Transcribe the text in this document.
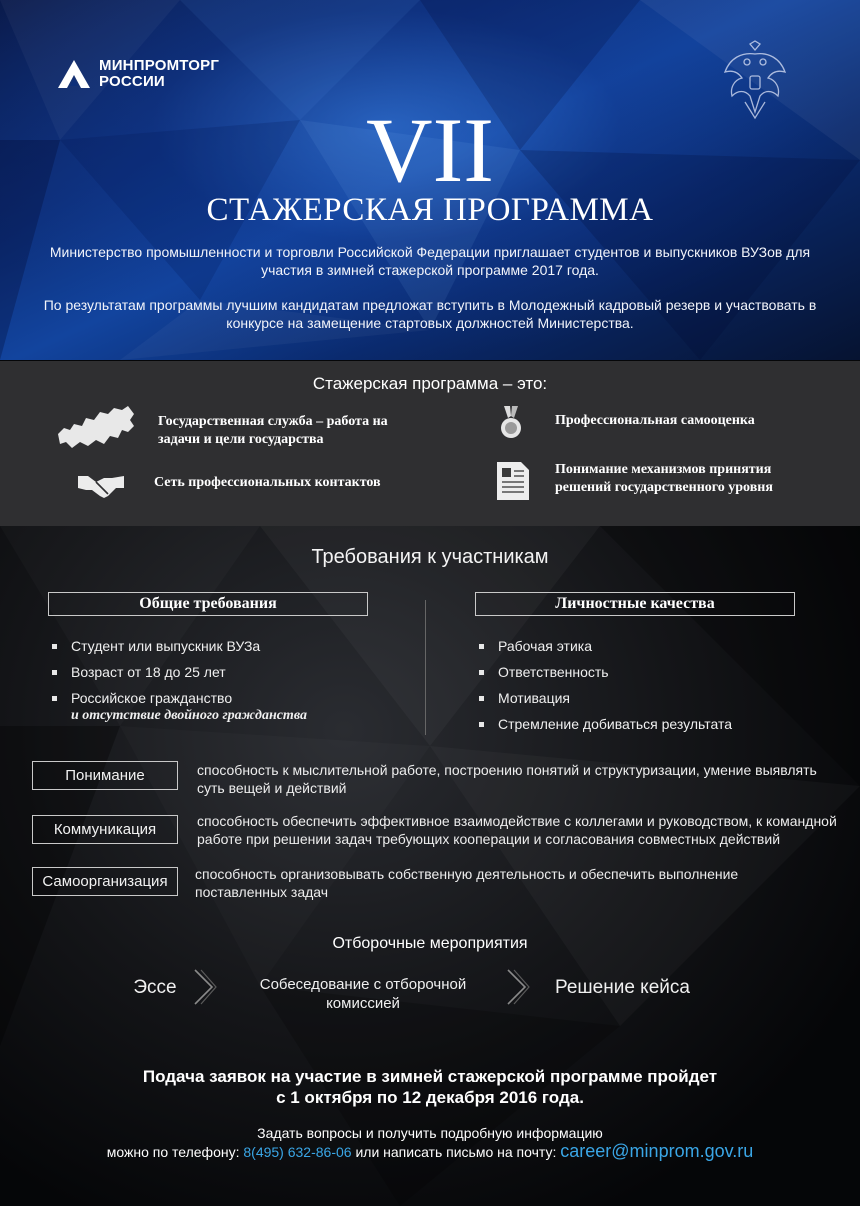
МИНПРОМТОРГ
РОССИИ
VII
СТАЖЕРСКАЯ ПРОГРАММА
Министерство промышленности и торговли Российской Федерации приглашает студентов и выпускников ВУЗов для
участия в зимней стажерской программе 2017 года.
По результатам программы лучшим кандидатам предложат вступить в Молодежный кадровый резерв и участвовать в
конкурсе на замещение стартовых должностей Министерства.
Стажерская программа – это:
Государственная служба – работа на
задачи и цели государства
Профессиональная самооценка
Сеть профессиональных контактов
Понимание механизмов принятия
решений государственного уровня
Требования к участникам
Общие требования	Личностные качества
Студент или выпускник ВУЗа
Возраст от 18 до 25 лет
Российское гражданство
и отсутствие двойного гражданства
Рабочая этика
Ответственность
Мотивация
Стремление добиваться результата
Понимание	способность к мыслительной работе, построению понятий и структуризации, умение выявлять
суть вещей и действий
Коммуникация	способность обеспечить эффективное взаимодействие с коллегами и руководством, к командной
работе при решении задач требующих кооперации и согласования совместных действий
Самоорганизация	способность организовывать собственную деятельность и обеспечить выполнение
поставленных задач
Отборочные мероприятия
Эссе	Собеседование с отборочной
комиссией
Решение кейса
Подача заявок на участие в зимней стажерской программе пройдет
с 1 октября по 12 декабря 2016 года.
Задать вопросы и получить подробную информацию
можно по телефону: 8(495) 632-86-06 или написать письмо на почту: career@minprom.gov.ru
